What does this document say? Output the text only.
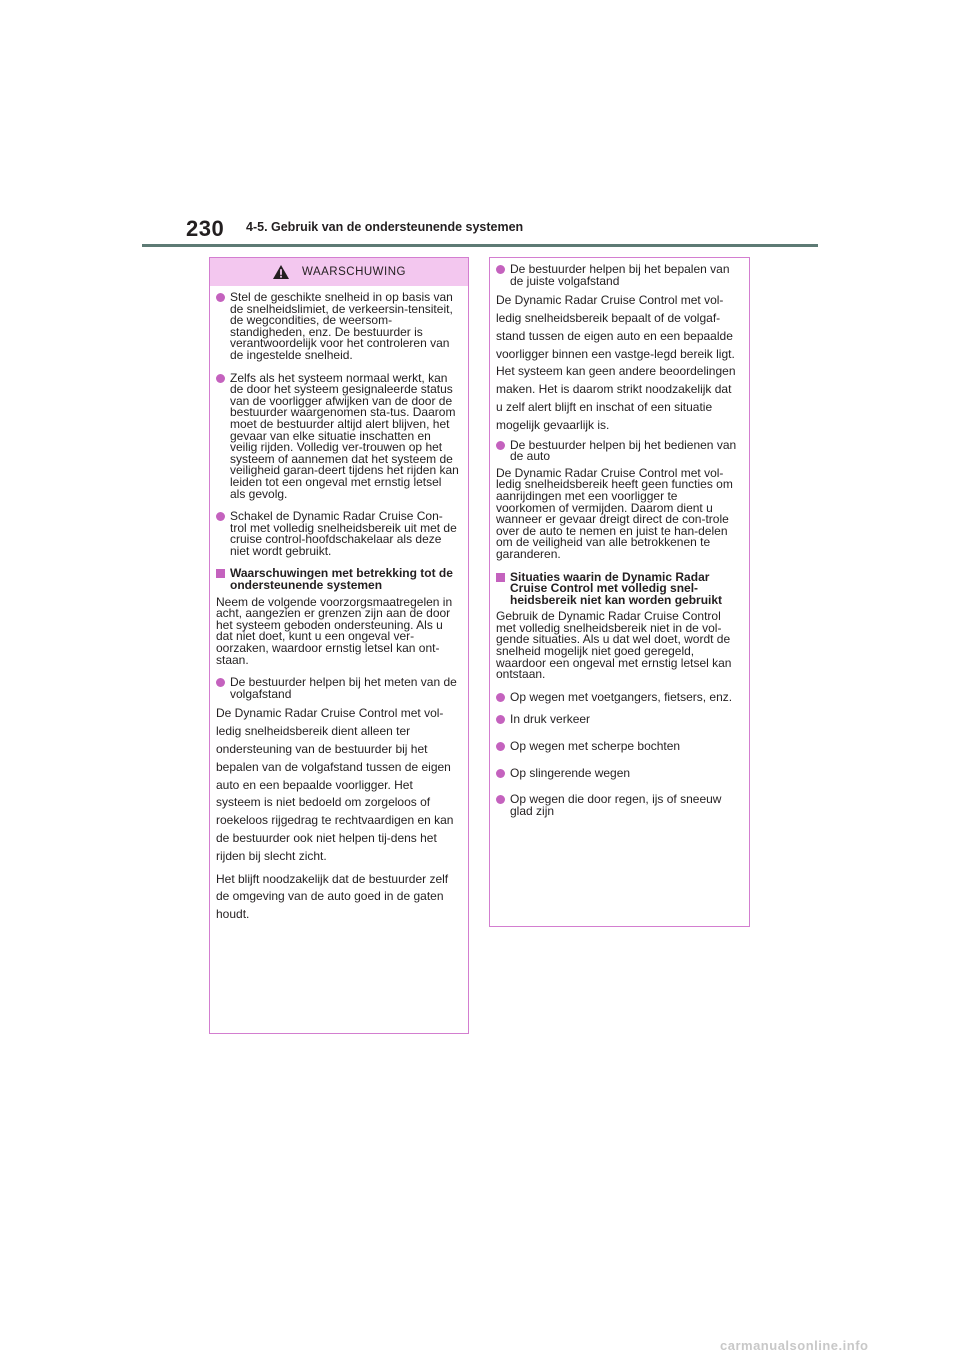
230 4-5. Gebruik van de ondersteunende systemen
WAARSCHUWING
Stel de geschikte snelheid in op basis van de snelheidslimiet, de verkeersin-tensiteit, de wegcondities, de weersom-standigheden, enz. De bestuurder is verantwoordelijk voor het controleren van de ingestelde snelheid.
Zelfs als het systeem normaal werkt, kan de door het systeem gesignaleerde status van de voorligger afwijken van de door de bestuurder waargenomen sta-tus. Daarom moet de bestuurder altijd alert blijven, het gevaar van elke situatie inschatten en veilig rijden. Volledig ver-trouwen op het systeem of aannemen dat het systeem de veiligheid garan-deert tijdens het rijden kan leiden tot een ongeval met ernstig letsel als gevolg.
Schakel de Dynamic Radar Cruise Con-trol met volledig snelheidsbereik uit met de cruise control-hoofdschakelaar als deze niet wordt gebruikt.
Waarschuwingen met betrekking tot de ondersteunende systemen
Neem de volgende voorzorgsmaatregelen in acht, aangezien er grenzen zijn aan de door het systeem geboden ondersteuning. Als u dat niet doet, kunt u een ongeval ver-oorzaken, waardoor ernstig letsel kan ont-staan.
De bestuurder helpen bij het meten van de volgafstand
De Dynamic Radar Cruise Control met vol-ledig snelheidsbereik dient alleen ter ondersteuning van de bestuurder bij het bepalen van de volgafstand tussen de eigen auto en een bepaalde voorligger. Het systeem is niet bedoeld om zorgeloos of roekeloos rijgedrag te rechtvaardigen en kan de bestuurder ook niet helpen tij-dens het rijden bij slecht zicht.
Het blijft noodzakelijk dat de bestuurder zelf de omgeving van de auto goed in de gaten houdt.
De bestuurder helpen bij het bepalen van de juiste volgafstand
De Dynamic Radar Cruise Control met vol-ledig snelheidsbereik bepaalt of de volgaf-stand tussen de eigen auto en een bepaalde voorligger binnen een vastge-legd bereik ligt. Het systeem kan geen andere beoordelingen maken. Het is daarom strikt noodzakelijk dat u zelf alert blijft en inschat of een situatie mogelijk gevaarlijk is.
De bestuurder helpen bij het bedienen van de auto
De Dynamic Radar Cruise Control met vol-ledig snelheidsbereik heeft geen functies om aanrijdingen met een voorligger te voorkomen of vermijden. Daarom dient u wanneer er gevaar dreigt direct de con-trole over de auto te nemen en juist te han-delen om de veiligheid van alle betrokkenen te garanderen.
Situaties waarin de Dynamic Radar Cruise Control met volledig snel-heidsbereik niet kan worden gebruikt
Gebruik de Dynamic Radar Cruise Control met volledig snelheidsbereik niet in de vol-gende situaties. Als u dat wel doet, wordt de snelheid mogelijk niet goed geregeld, waardoor een ongeval met ernstig letsel kan ontstaan.
Op wegen met voetgangers, fietsers, enz.
In druk verkeer
Op wegen met scherpe bochten
Op slingerende wegen
Op wegen die door regen, ijs of sneeuw glad zijn
carmanualsonline.info
